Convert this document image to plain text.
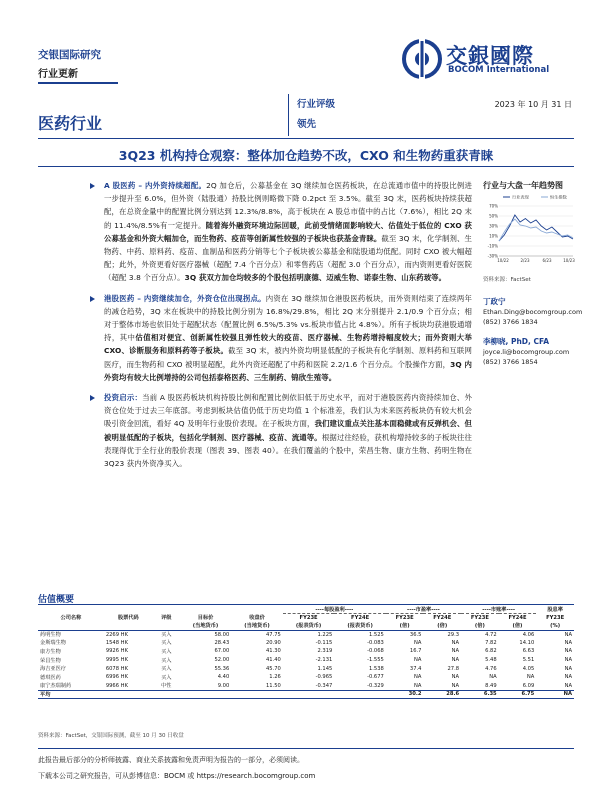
交银国际研究
行业更新
交銀國際
BOCOM International
医药行业
行业评级
领先
2023 年 10 月 31 日
3Q23 机构持仓观察：整体加仓趋势不改，CXO 和生物药重获青睐
A 股医药 – 内外资持续超配。2Q 加仓后，公募基金在 3Q 继续加仓医药板块，在总流通市值中的持股比例进一步提升至 6.0%，但外资（陆股通）持股比例则略微下降 0.2pct 至 3.5%。截至 3Q 末，医药板块持续获超配，在总资金量中的配置比例分别达到 12.3%/8.8%，高于板块在 A 股总市值中的占比（7.6%），相比 2Q 末的 11.4%/8.5%有一定提升。随着海外融资环境边际回暖，此前受情绪面影响较大、估值处于低位的 CXO 获公募基金和外资大幅加仓，而生物药、疫苗等创新属性较强的子板块也获基金青睐。截至 3Q 末，化学制剂、生物药、中药、原料药、疫苗、血制品和医药分销等七个子板块被公募基金和陆股通均低配。同时 CXO 被大幅超配；此外，外资更看好医疗器械（超配 7.4 个百分点）和零售药店（超配 3.0 个百分点），而内资则更看好医院（超配 3.8 个百分点）。3Q 获双方加仓均较多的个股包括明康德、迈威生物、诺泰生物、山东药玻等。
港股医药 – 内资继续加仓，外资仓位出现拐点。内资在 3Q 继续加仓港股医药板块，而外资则结束了连续两年的减仓趋势，3Q 末在板块中的持股比例分别为 16.8%/29.8%，相比 2Q 末分别提升 2.1/0.9 个百分点；相对于整体市场也依旧处于超配状态（配置比例 6.5%/5.3% vs.板块市值占比 4.8%）。所有子板块均获港股通增持，其中估值相对便宜、创新属性较强且弹性较大的疫苗、医疗器械、生物药增持幅度较大；而外资则大举 CXO、诊断服务和原料药等子板块。截至 3Q 末，被内外资均明显低配的子板块有化学制剂、原料药和互联网医疗，而生物药和 CXO 被明显超配，此外内资还超配了中药和医院 2.2/1.6 个百分点。个股操作方面，3Q 内外资均有较大比例增持的公司包括泰格医药、三生制药、锦欣生殖等。
投资启示：当前 A 股医药板块机构持股比例和配置比例依旧低于历史水平，而对于港股医药内资持续加仓、外资仓位处于过去三年底部。考虑到板块估值仍低于历史均值 1 个标准差，我们认为未来医药板块仍有较大机会吸引资金回流，看好 4Q 及明年行业股价表现。在子板块方面，我们建议重点关注基本面稳健或有反弹机会、但被明显低配的子板块，包括化学制剂、医疗器械、疫苗、流通等。根据过往经验，获机构增持较多的子板块往往表现得优于全行业的股价表现（图表 39、图表 40）。在我们覆盖的个股中，荣昌生物、康方生物、药明生物在 3Q23 获内外资净买入。
行业与大盘一年趋势图
70%
50%
30%
10%
-10%
-30%
10/22	2/23	6/23	10/23
行业表现	恒生指数
资料来源：FactSet
丁政宁
Ethan.Ding@bocomgroup.com
(852) 3766 1834
李柳晓, PhD, CFA
joyce.li@bocomgroup.com
(852) 3766 1854
估值概要
					----每股盈利----		----市盈率----		----市账率----		股息率
公司名称	股票代码	评级	目标价	收盘价	FY23E	FY24E	FY23E	FY24E	FY23E	FY24E	FY23E
			(当地货币)	(当地货币)	(报表货币)	(报表货币)	(倍)	(倍)	(倍)	(倍)	(%)
药明生物	2269 HK	买入	58.00	47.75	1.225	1.525	36.5	29.3	4.72	4.06	NA
金斯瑞生物	1548 HK	买入	28.43	20.90	-0.115	-0.083	NA	NA	7.82	14.10	NA
康方生物	9926 HK	买入	67.00	41.30	2.319	-0.068	16.7	NA	6.82	6.63	NA
荣昌生物	9995 HK	买入	52.00	41.40	-2.131	-1.555	NA	NA	5.48	5.51	NA
海吉亚医疗	6078 HK	买入	55.36	45.70	1.145	1.538	37.4	27.8	4.76	4.05	NA
德琪医药	6996 HK	买入	4.40	1.26	-0.965	-0.677	NA	NA	NA	NA	NA
康宁杰瑞制药	9966 HK	中性	9.00	11.50	-0.347	-0.329	NA	NA	8.49	6.09	NA
平均							30.2	28.6	6.35	6.75	NA
资料来源：FactSet，交银国际预测，截至 10 月 30 日收盘
此报告最后部分的分析师披露、商业关系披露和免责声明为报告的一部分，必须阅读。
下载本公司之研究报告，可从彭博信息：BOCM 或 https://research.bocomgroup.com
